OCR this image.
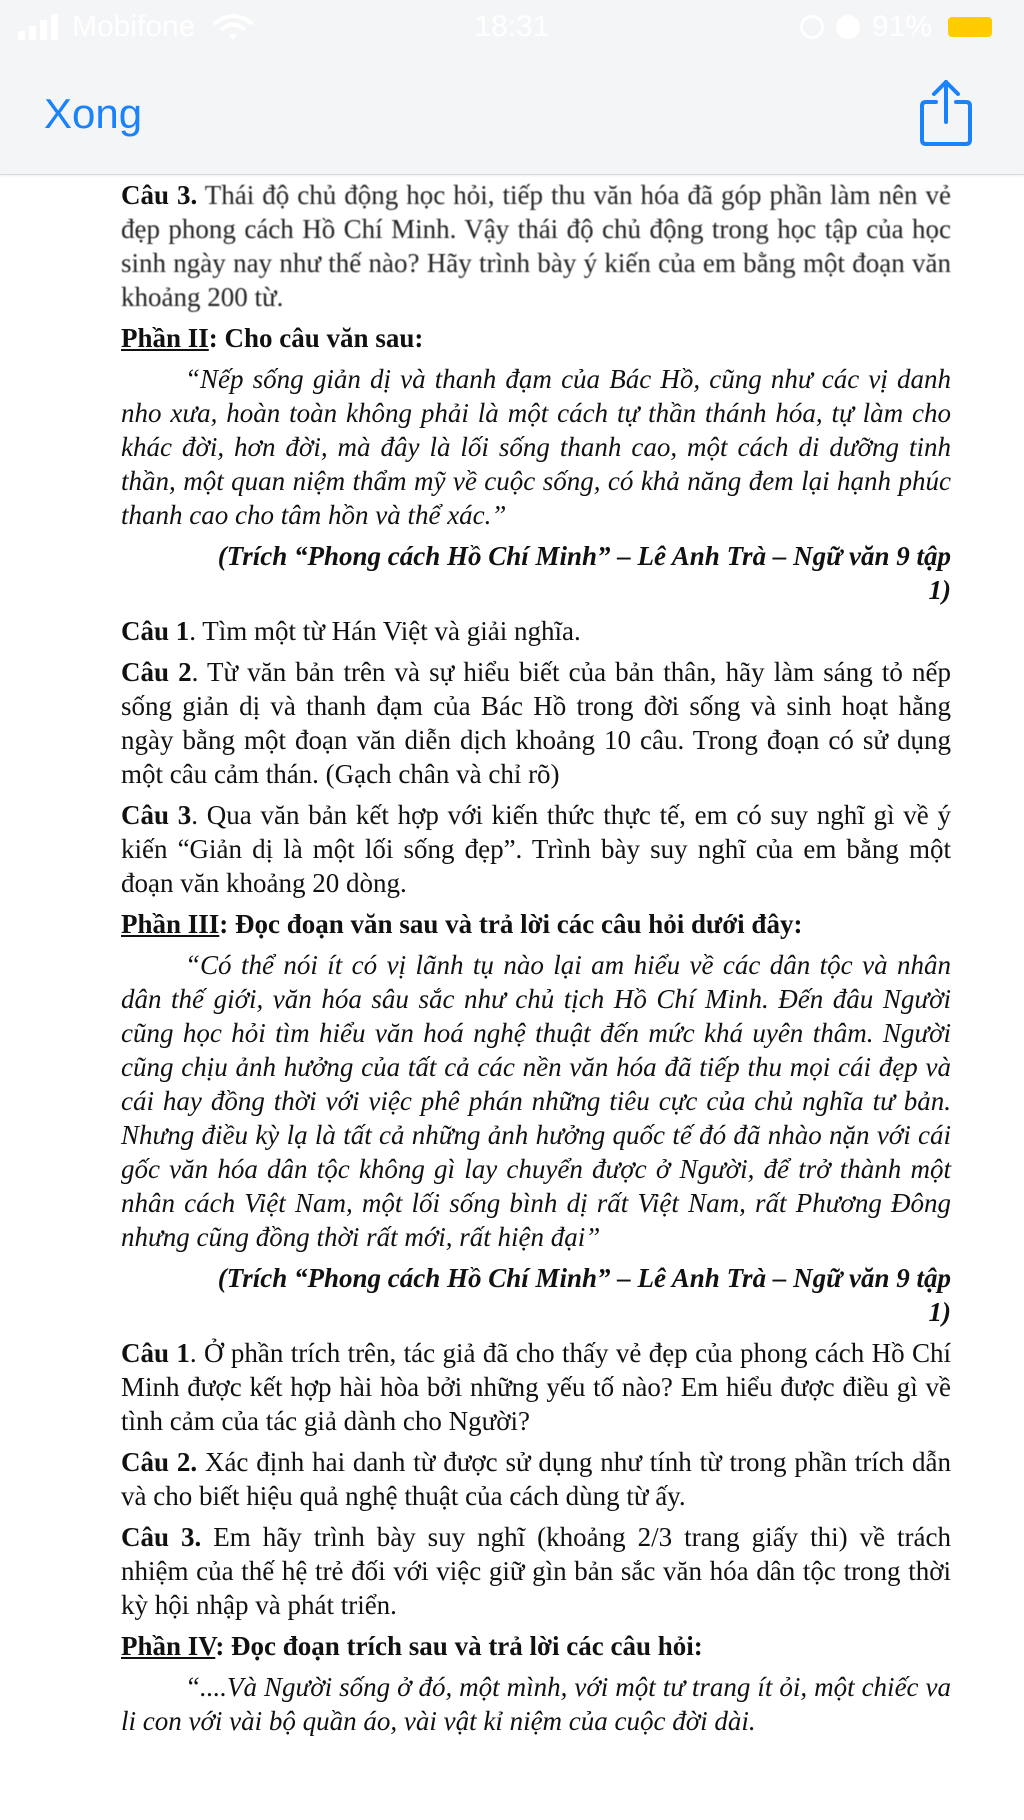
Mobifone	18:31	91%
Xong

Câu 3. Thái độ chủ động học hỏi, tiếp thu văn hóa đã góp phần làm nên vẻ đẹp phong cách Hồ Chí Minh. Vậy thái độ chủ động trong học tập của học sinh ngày nay như thế nào? Hãy trình bày ý kiến của em bằng một đoạn văn khoảng 200 từ.

Phần II: Cho câu văn sau:

“Nếp sống giản dị và thanh đạm của Bác Hồ, cũng như các vị danh nho xưa, hoàn toàn không phải là một cách tự thần thánh hóa, tự làm cho khác đời, hơn đời, mà đây là lối sống thanh cao, một cách di dưỡng tinh thần, một quan niệm thẩm mỹ về cuộc sống, có khả năng đem lại hạnh phúc thanh cao cho tâm hồn và thể xác.”

(Trích “Phong cách Hồ Chí Minh” – Lê Anh Trà – Ngữ văn 9 tập
1)

Câu 1. Tìm một từ Hán Việt và giải nghĩa.

Câu 2. Từ văn bản trên và sự hiểu biết của bản thân, hãy làm sáng tỏ nếp sống giản dị và thanh đạm của Bác Hồ trong đời sống và sinh hoạt hằng ngày bằng một đoạn văn diễn dịch khoảng 10 câu. Trong đoạn có sử dụng một câu cảm thán. (Gạch chân và chỉ rõ)

Câu 3. Qua văn bản kết hợp với kiến thức thực tế, em có suy nghĩ gì về ý kiến “Giản dị là một lối sống đẹp”. Trình bày suy nghĩ của em bằng một đoạn văn khoảng 20 dòng.

Phần III: Đọc đoạn văn sau và trả lời các câu hỏi dưới đây:

“Có thể nói ít có vị lãnh tụ nào lại am hiểu về các dân tộc và nhân dân thế giới, văn hóa sâu sắc như chủ tịch Hồ Chí Minh. Đến đâu Người cũng học hỏi tìm hiểu văn hoá nghệ thuật đến mức khá uyên thâm. Người cũng chịu ảnh hưởng của tất cả các nền văn hóa đã tiếp thu mọi cái đẹp và cái hay đồng thời với việc phê phán những tiêu cực của chủ nghĩa tư bản. Nhưng điều kỳ lạ là tất cả những ảnh hưởng quốc tế đó đã nhào nặn với cái gốc văn hóa dân tộc không gì lay chuyển được ở Người, để trở thành một nhân cách Việt Nam, một lối sống bình dị rất Việt Nam, rất Phương Đông nhưng cũng đồng thời rất mới, rất hiện đại”

(Trích “Phong cách Hồ Chí Minh” – Lê Anh Trà – Ngữ văn 9 tập
1)

Câu 1. Ở phần trích trên, tác giả đã cho thấy vẻ đẹp của phong cách Hồ Chí Minh được kết hợp hài hòa bởi những yếu tố nào? Em hiểu được điều gì về tình cảm của tác giả dành cho Người?

Câu 2. Xác định hai danh từ được sử dụng như tính từ trong phần trích dẫn và cho biết hiệu quả nghệ thuật của cách dùng từ ấy.

Câu 3. Em hãy trình bày suy nghĩ (khoảng 2/3 trang giấy thi) về trách nhiệm của thế hệ trẻ đối với việc giữ gìn bản sắc văn hóa dân tộc trong thời kỳ hội nhập và phát triển.

Phần IV: Đọc đoạn trích sau và trả lời các câu hỏi:

“....Và Người sống ở đó, một mình, với một tư trang ít ỏi, một chiếc va li con với vài bộ quần áo, vài vật kỉ niệm của cuộc đời dài.
